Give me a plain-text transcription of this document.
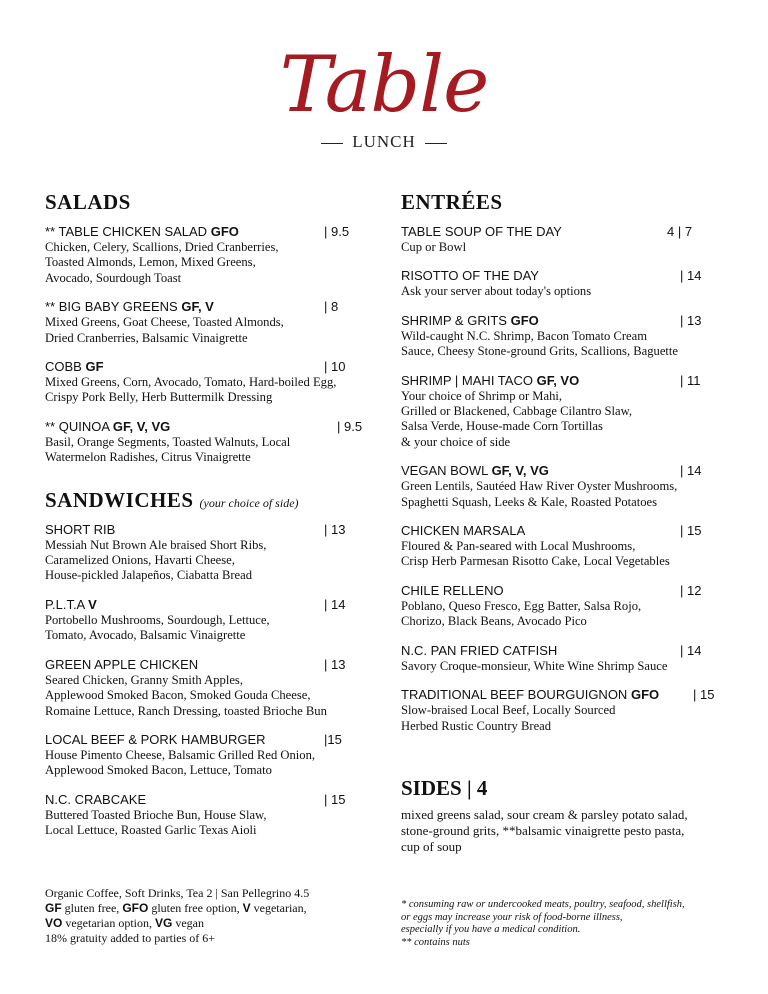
Table
LUNCH
SALADS
** TABLE CHICKEN SALAD GFO	| 9.5
Chicken, Celery, Scallions, Dried Cranberries,
Toasted Almonds, Lemon, Mixed Greens,
Avocado, Sourdough Toast
** BIG BABY GREENS GF, V	| 8
Mixed Greens, Goat Cheese, Toasted Almonds,
Dried Cranberries, Balsamic Vinaigrette
COBB GF	| 10
Mixed Greens, Corn, Avocado, Tomato, Hard-boiled Egg,
Crispy Pork Belly, Herb Buttermilk Dressing
** QUINOA GF, V, VG	| 9.5
Basil, Orange Segments, Toasted Walnuts, Local
Watermelon Radishes, Citrus Vinaigrette
SANDWICHES (your choice of side)
SHORT RIB	| 13
Messiah Nut Brown Ale braised Short Ribs,
Caramelized Onions, Havarti Cheese,
House-pickled Jalapeños, Ciabatta Bread
P.L.T.A V	| 14
Portobello Mushrooms, Sourdough, Lettuce,
Tomato, Avocado, Balsamic Vinaigrette
GREEN APPLE CHICKEN	| 13
Seared Chicken, Granny Smith Apples,
Applewood Smoked Bacon, Smoked Gouda Cheese,
Romaine Lettuce, Ranch Dressing, toasted Brioche Bun
LOCAL BEEF & PORK HAMBURGER	|15
House Pimento Cheese, Balsamic Grilled Red Onion,
Applewood Smoked Bacon, Lettuce, Tomato
N.C. CRABCAKE	| 15
Buttered Toasted Brioche Bun, House Slaw,
Local Lettuce, Roasted Garlic Texas Aioli
ENTRÉES
TABLE SOUP OF THE DAY	4 | 7
Cup or Bowl
RISOTTO OF THE DAY	| 14
Ask your server about today's options
SHRIMP & GRITS GFO	| 13
Wild-caught N.C. Shrimp, Bacon Tomato Cream
Sauce, Cheesy Stone-ground Grits, Scallions, Baguette
SHRIMP | MAHI TACO GF, VO	| 11
Your choice of Shrimp or Mahi,
Grilled or Blackened, Cabbage Cilantro Slaw,
Salsa Verde, House-made Corn Tortillas
& your choice of side
VEGAN BOWL GF, V, VG	| 14
Green Lentils, Sautéed Haw River Oyster Mushrooms,
Spaghetti Squash, Leeks & Kale, Roasted Potatoes
CHICKEN MARSALA	| 15
Floured & Pan-seared with Local Mushrooms,
Crisp Herb Parmesan Risotto Cake, Local Vegetables
CHILE RELLENO	| 12
Poblano, Queso Fresco, Egg Batter, Salsa Rojo,
Chorizo, Black Beans, Avocado Pico
N.C. PAN FRIED CATFISH	| 14
Savory Croque-monsieur, White Wine Shrimp Sauce
TRADITIONAL BEEF BOURGUIGNON GFO	| 15
Slow-braised Local Beef, Locally Sourced
Herbed Rustic Country Bread
SIDES | 4
mixed greens salad, sour cream & parsley potato salad,
stone-ground grits, **balsamic vinaigrette pesto pasta,
cup of soup
Organic Coffee, Soft Drinks, Tea 2 | San Pellegrino 4.5
GF gluten free, GFO gluten free option, V vegetarian,
VO vegetarian option, VG vegan
18% gratuity added to parties of 6+
* consuming raw or undercooked meats, poultry, seafood, shellfish,
or eggs may increase your risk of food-borne illness,
especially if you have a medical condition.
** contains nuts
